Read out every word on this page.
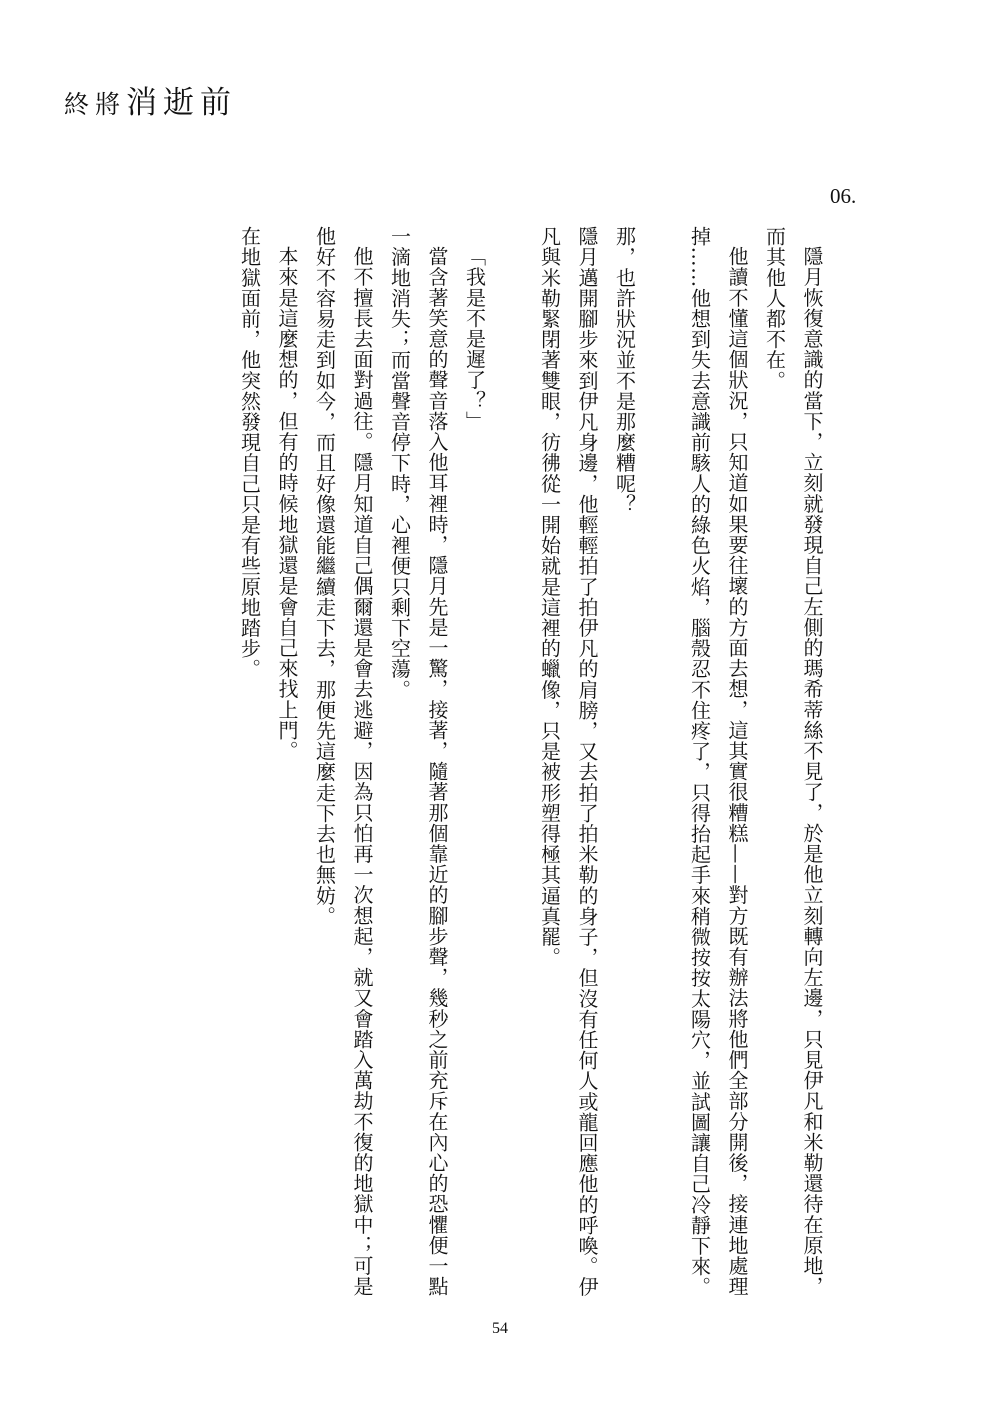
終將消逝前
06.

隱月恢復意識的當下，立刻就發現自己左側的瑪希蒂絲不見了，於是他立刻轉向左邊，只見伊凡和米勒還待在原地，而其他人都不在。

他讀不懂這個狀況，只知道如果要往壞的方面去想，這其實很糟糕——對方既有辦法將他們全部分開後，接連地處理掉……他想到失去意識前駭人的綠色火焰，腦殼忍不住疼了，只得抬起手來稍微按按太陽穴，並試圖讓自己冷靜下來。

那，也許狀況並不是那麼糟呢？

隱月邁開腳步來到伊凡身邊，他輕輕拍了拍伊凡的肩膀，又去拍了拍米勒的身子，但沒有任何人或龍回應他的呼喚。伊凡與米勒緊閉著雙眼，彷彿從一開始就是這裡的蠟像，只是被形塑得極其逼真罷。

「我是不是遲了？」

當含著笑意的聲音落入他耳裡時，隱月先是一驚，接著，隨著那個靠近的腳步聲，幾秒之前充斥在內心的恐懼便一點一滴地消失；而當聲音停下時，心裡便只剩下空蕩。

他不擅長去面對過往。隱月知道自己偶爾還是會去逃避，因為只怕再一次想起，就又會踏入萬劫不復的地獄中；可是他好不容易走到如今，而且好像還能繼續走下去，那便先這麼走下去也無妨。

本來是這麼想的，但有的時候地獄還是會自己來找上門。

在地獄面前，他突然發現自己只是有些原地踏步。

54
